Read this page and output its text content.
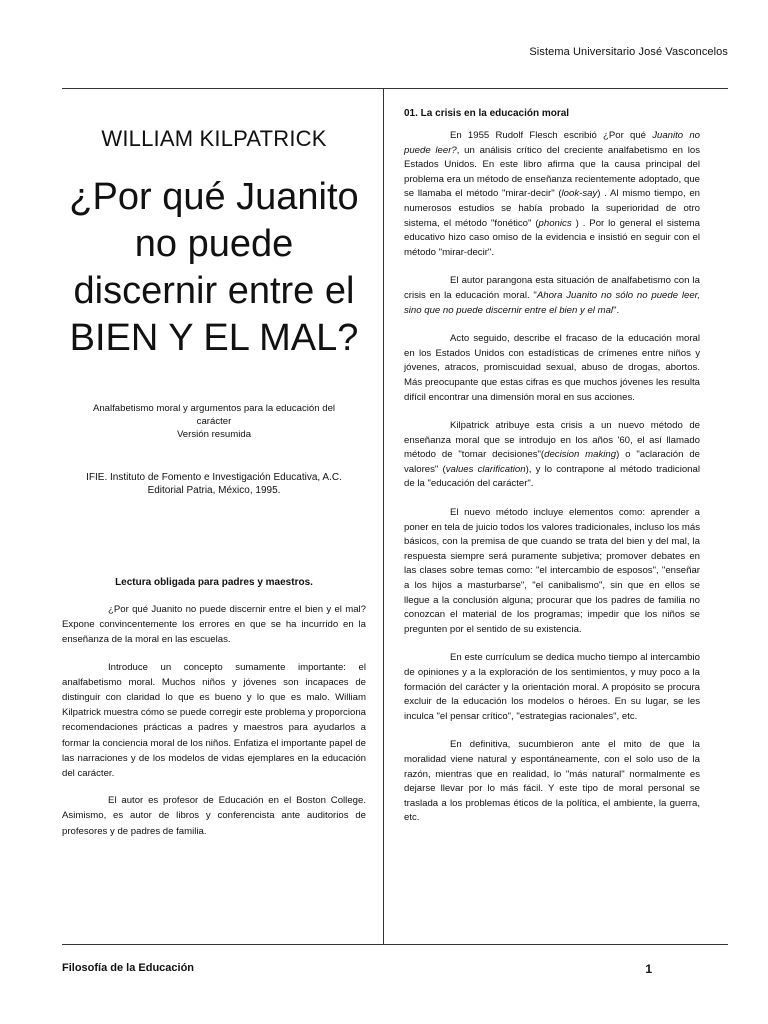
Sistema Universitario José Vasconcelos
WILLIAM KILPATRICK
¿Por qué Juanito
no puede
discernir entre el
BIEN Y EL MAL?
Analfabetismo moral y argumentos para la educación del
carácter
Versión resumida
IFIE. Instituto de Fomento e Investigación Educativa, A.C.
Editorial Patria, México, 1995.
Lectura obligada para padres y maestros.

¿Por qué Juanito no puede discernir entre el bien y el mal? Expone convincentemente los errores en que se ha incurrido en la enseñanza de la moral en las escuelas.

Introduce un concepto sumamente importante: el analfabetismo moral. Muchos niños y jóvenes son incapaces de distinguir con claridad lo que es bueno y lo que es malo. William Kilpatrick muestra cómo se puede corregir este problema y proporciona recomendaciones prácticas a padres y maestros para ayudarlos a formar la conciencia moral de los niños. Enfatiza el importante papel de las narraciones y de los modelos de vidas ejemplares en la educación del carácter.

El autor es profesor de Educación en el Boston College. Asimismo, es autor de libros y conferencista ante auditorios de profesores y de padres de familia.

01. La crisis en la educación moral

En 1955 Rudolf Flesch escribió ¿Por qué Juanito no puede leer?, un análisis crítico del creciente analfabetismo en los Estados Unidos. En este libro afirma que la causa principal del problema era un método de enseñanza recientemente adoptado, que se llamaba el método "mirar-decir" (look-say) . Al mismo tiempo, en numerosos estudios se había probado la superioridad de otro sistema, el método "fonético" (phonics ) . Por lo general el sistema educativo hizo caso omiso de la evidencia e insistió en seguir con el método "mirar-decir".

El autor parangona esta situación de analfabetismo con la crisis en la educación moral. "Ahora Juanito no sólo no puede leer, sino que no puede discernir entre el bien y el mal".

Acto seguido, describe el fracaso de la educación moral en los Estados Unidos con estadísticas de crímenes entre niños y jóvenes, atracos, promiscuidad sexual, abuso de drogas, abortos. Más preocupante que estas cifras es que muchos jóvenes les resulta difícil encontrar una dimensión moral en sus acciones.

Kilpatrick atribuye esta crisis a un nuevo método de enseñanza moral que se introdujo en los años '60, el así llamado método de "tomar decisiones"(decision making) o "aclaración de valores" (values clarification), y lo contrapone al método tradicional de la "educación del carácter".

El nuevo método incluye elementos como: aprender a poner en tela de juicio todos los valores tradicionales, incluso los más básicos, con la premisa de que cuando se trata del bien y del mal, la respuesta siempre será puramente subjetiva; promover debates en las clases sobre temas como: "el intercambio de esposos", "enseñar a los hijos a masturbarse", "el canibalismo", sin que en ellos se llegue a la conclusión alguna; procurar que los padres de familia no conozcan el material de los programas; impedir que los niños se pregunten por el sentido de su existencia.

En este currículum se dedica mucho tiempo al intercambio de opiniones y a la exploración de los sentimientos, y muy poco a la formación del carácter y la orientación moral. A propósito se procura excluir de la educación los modelos o héroes. En su lugar, se les inculca "el pensar crítico", "estrategias racionales", etc.

En definitiva, sucumbieron ante el mito de que la moralidad viene natural y espontáneamente, con el solo uso de la razón, mientras que en realidad, lo "más natural" normalmente es dejarse llevar por lo más fácil. Y este tipo de moral personal se traslada a los problemas éticos de la política, el ambiente, la guerra, etc.

Filosofía de la Educación	1
